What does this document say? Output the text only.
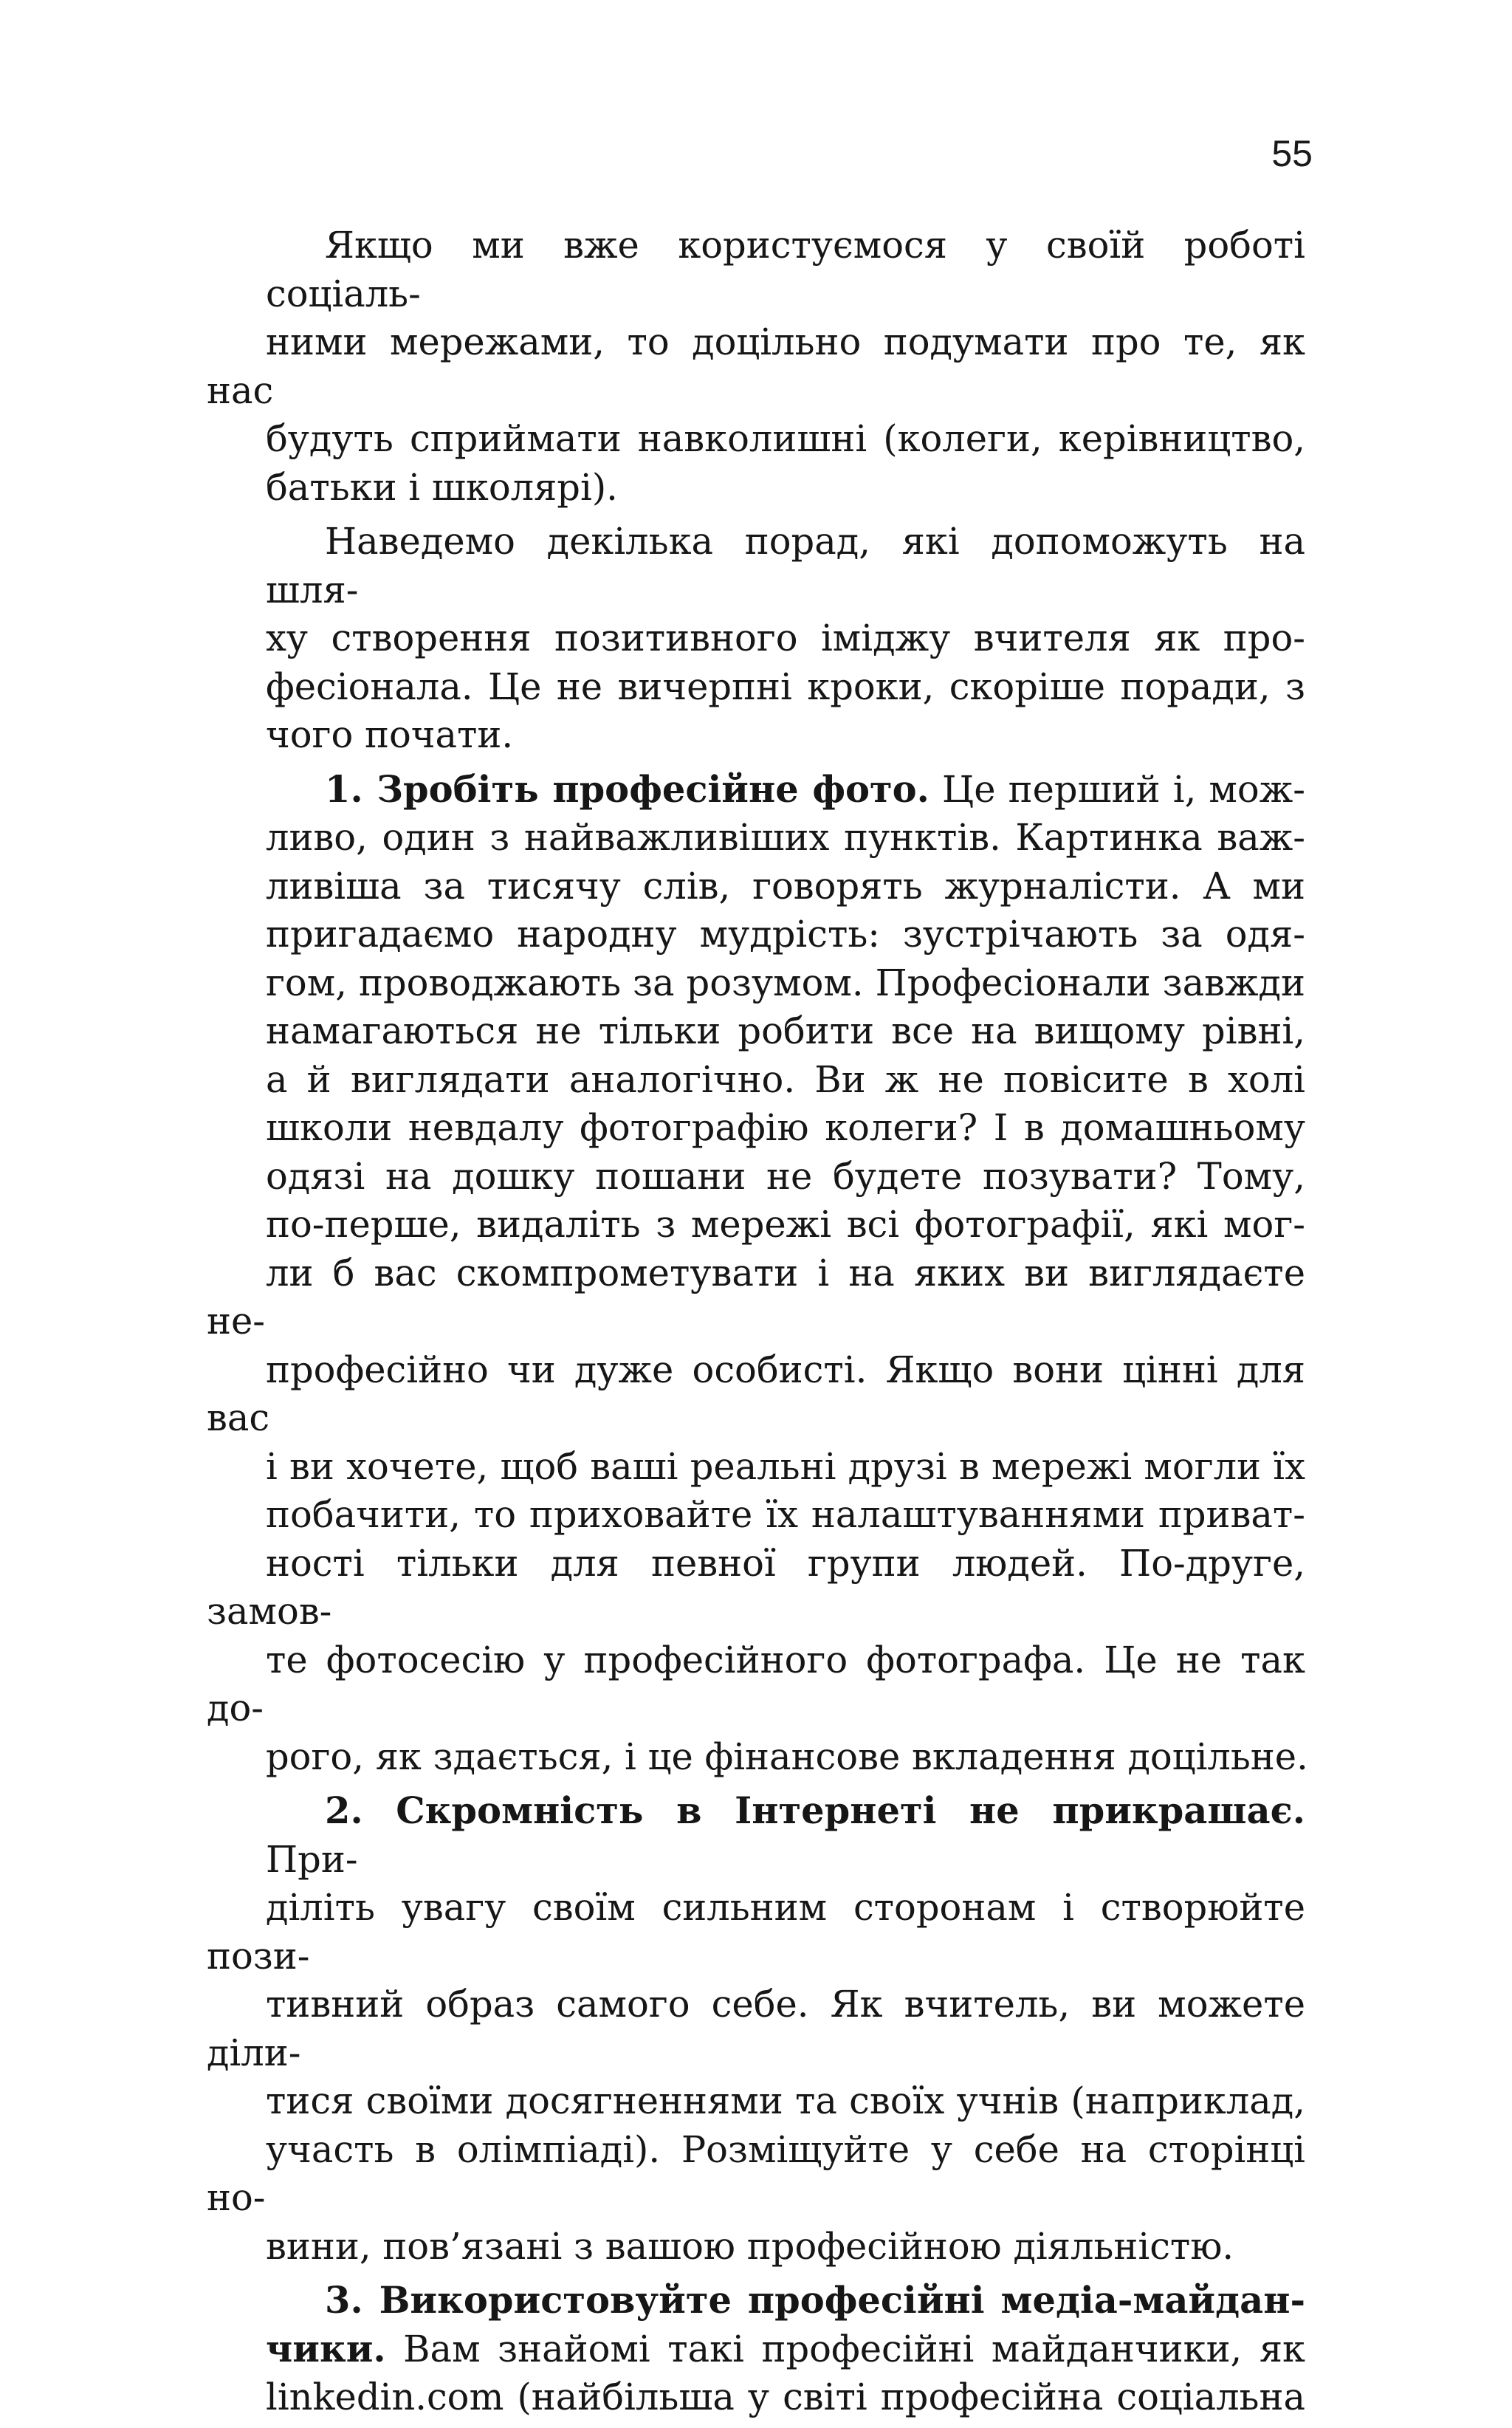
55

Якщо ми вже користуємося у своїй роботі соціаль-
ними мережами, то доцільно подумати про те, як нас
будуть сприймати навколишні (колеги, керівництво,
батьки і школярі).

Наведемо декілька порад, які допоможуть на шля-
ху створення позитивного іміджу вчителя як про-
фесіонала. Це не вичерпні кроки, скоріше поради, з
чого почати.

1. Зробіть професійне фото. Це перший і, мож-
ливо, один з найважливіших пунктів. Картинка важ-
ливіша за тисячу слів, говорять журналісти. А ми
пригадаємо народну мудрість: зустрічають за одя-
гом, проводжають за розумом. Професіонали завжди
намагаються не тільки робити все на вищому рівні,
а й виглядати аналогічно. Ви ж не повісите в холі
школи невдалу фотографію колеги? І в домашньому
одязі на дошку пошани не будете позувати? Тому,
по-перше, видаліть з мережі всі фотографії, які мог-
ли б вас скомпрометувати і на яких ви виглядаєте не-
професійно чи дуже особисті. Якщо вони цінні для вас
і ви хочете, щоб ваші реальні друзі в мережі могли їх
побачити, то приховайте їх налаштуваннями приват-
ності тільки для певної групи людей. По-друге, замов-
те фотосесію у професійного фотографа. Це не так до-
рого, як здається, і це фінансове вкладення доцільне.

2. Скромність в Інтернеті не прикрашає. При-
діліть увагу своїм сильним сторонам і створюйте пози-
тивний образ самого себе. Як вчитель, ви можете діли-
тися своїми досягненнями та своїх учнів (наприклад,
участь в олімпіаді). Розміщуйте у себе на сторінці но-
вини, пов’язані з вашою професійною діяльністю.

3. Використовуйте професійні медіа-майдан-
чики. Вам знайомі такі професійні майданчики, як
linkedin.com (найбільша у світі професійна соціальна
